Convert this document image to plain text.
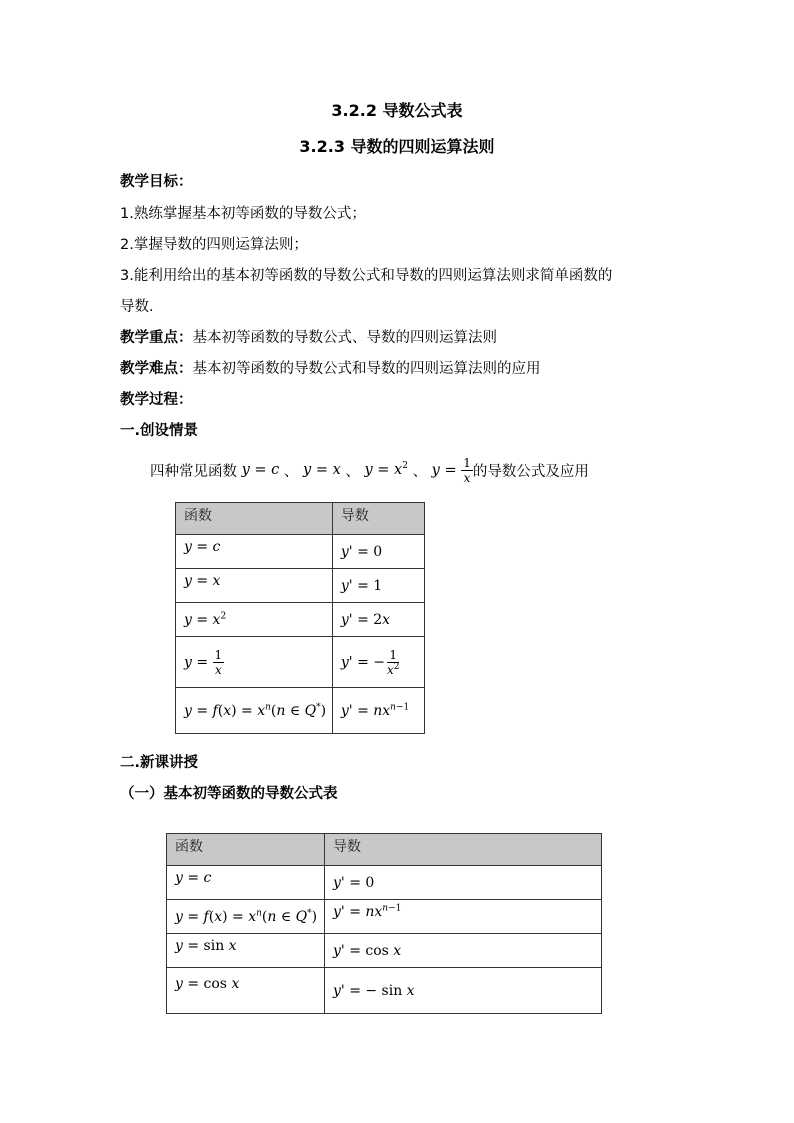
3.2.2 导数公式表
3.2.3 导数的四则运算法则
教学目标：
1.熟练掌握基本初等函数的导数公式；
2.掌握导数的四则运算法则；
3.能利用给出的基本初等函数的导数公式和导数的四则运算法则求简单函数的
导数.
教学重点：基本初等函数的导数公式、导数的四则运算法则
教学难点：基本初等函数的导数公式和导数的四则运算法则的应用
教学过程：
一.创设情景
四种常见函数 y = c 、 y = x 、 $y = x^2$ 、 $y = \frac{1}{x}$ 的导数公式及应用
函数	导数
y = c	y' = 0
y = x	y' = 1
$y = x^2$	y' = 2x
$y = \frac{1}{x}$	y' = − $\frac{1}{x^2}$

$y = f(x) = x^n(n$ ∈ Q*)	$y' = nx^{n-1}$
二.新课讲授
（一）基本初等函数的导数公式表
函数	导数
y = c	y' = 0
$y = f(x) = x^n(n$ ∈ Q*)	$y' = nx^{n-1}$
y = sin x	y' = cos x
y = cos x	y' = − sin x
